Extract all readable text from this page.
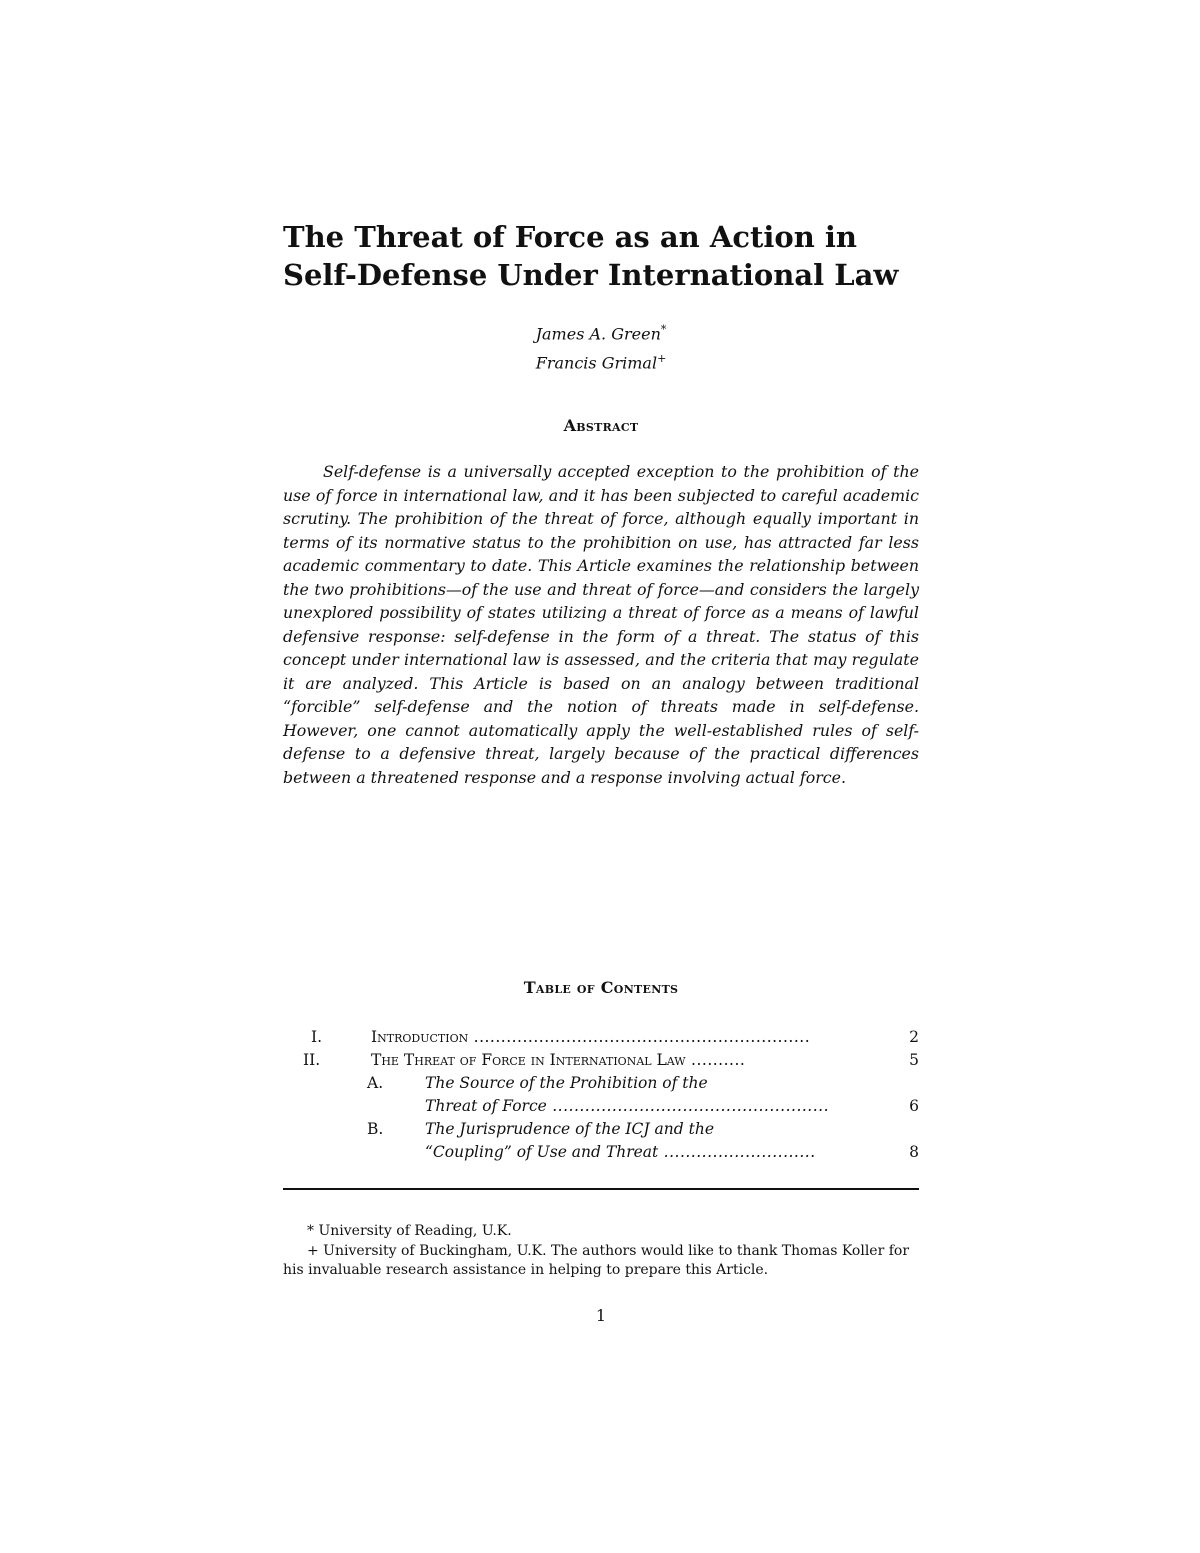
The Threat of Force as an Action in
Self-Defense Under International Law
James A. Green*
Francis Grimal+
Abstract

Self-defense is a universally accepted exception to the prohibition of the use of force in international law, and it has been subjected to careful academic scrutiny. The prohibition of the threat of force, although equally important in terms of its normative status to the prohibition on use, has attracted far less academic commentary to date. This Article examines the relationship between the two prohibitions—of the use and threat of force—and considers the largely unexplored possibility of states utilizing a threat of force as a means of lawful defensive response: self-defense in the form of a threat. The status of this concept under international law is assessed, and the criteria that may regulate it are analyzed. This Article is based on an analogy between traditional “forcible” self-defense and the notion of threats made in self-defense. However, one cannot automatically apply the well-established rules of self-defense to a defensive threat, largely because of the practical differences between a threatened response and a response involving actual force.

Table of Contents
I.	Introduction ..............................................................	2
II.	The Threat of Force in International Law ..........	5
A.	The Source of the Prohibition of the
Threat of Force ...................................................	6
B.	The Jurisprudence of the ICJ and the
“Coupling” of Use and Threat ............................	8

* University of Reading, U.K.

+ University of Buckingham, U.K. The authors would like to thank Thomas Koller for his invaluable research assistance in helping to prepare this Article.

1
